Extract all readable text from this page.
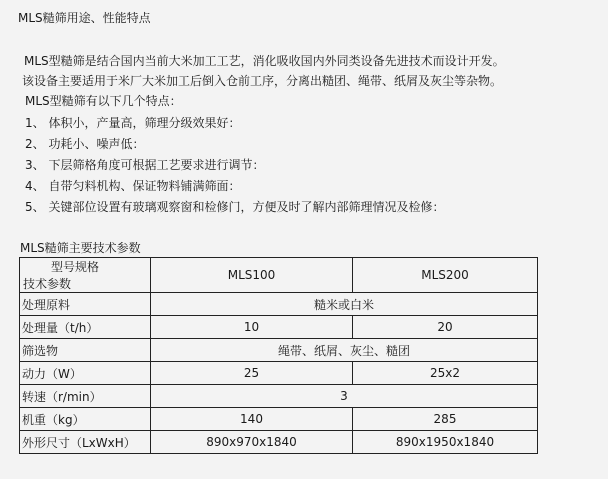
MLS糙筛用途、性能特点
MLS型糙筛是结合国内当前大米加工工艺，消化吸收国内外同类设备先进技术而设计开发。
该设备主要适用于米厂大米加工后倒入仓前工序，分离出糙团、绳带、纸屑及灰尘等杂物。
MLS型糙筛有以下几个特点：
1、 体积小，产量高，筛理分级效果好：
2、 功耗小、噪声低：
3、 下层筛格角度可根据工艺要求进行调节：
4、 自带匀料机构、保证物料铺满筛面：
5、 关键部位设置有玻璃观察窗和检修门，方便及时了解内部筛理情况及检修：
MLS糙筛主要技术参数
型号规格
技术参数	MLS100	MLS200
处理原料	糙米或白米	
处理量（t/h）	10	20
筛选物	绳带、纸屑、灰尘、糙团	
动力（W）	25	25x2
转速（r/min）	3	
机重（kg）	140	285
外形尺寸（LxWxH）	890x970x1840	890x1950x1840
